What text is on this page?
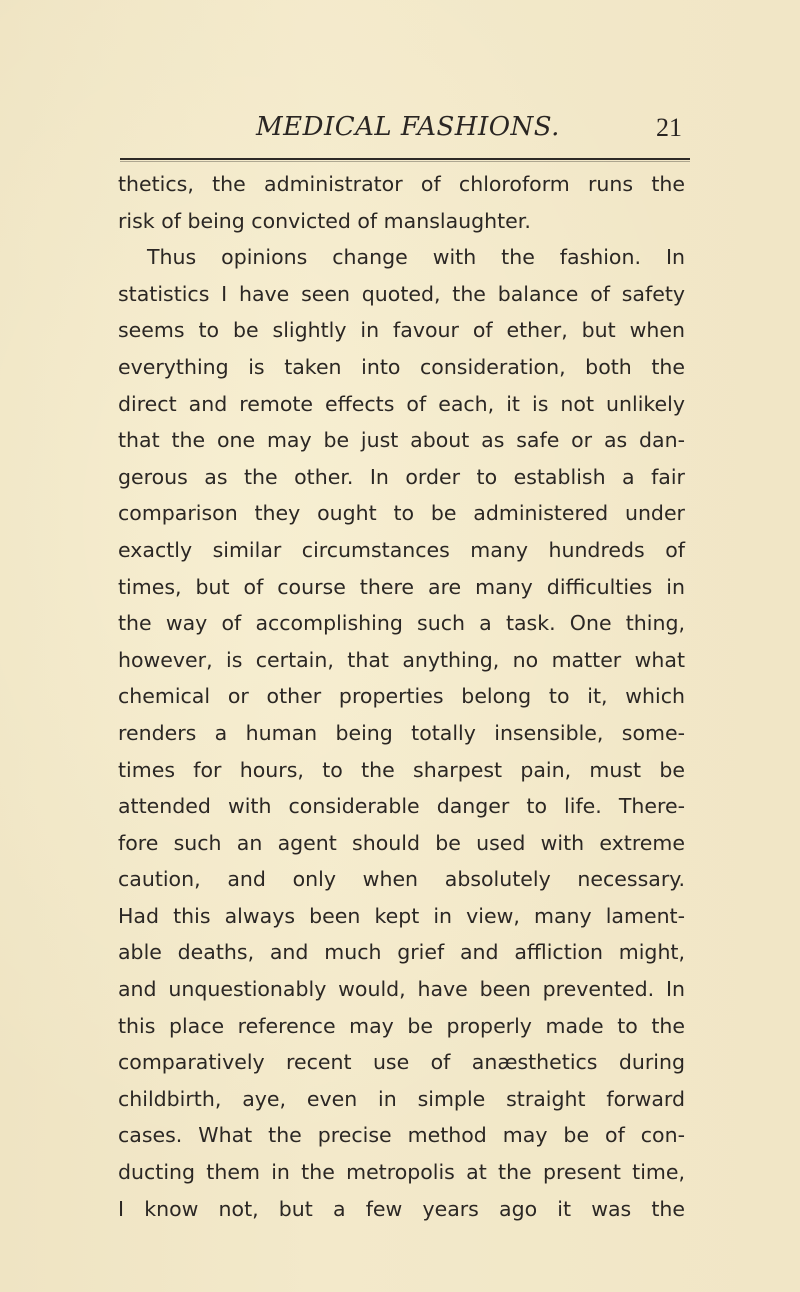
MEDICAL FASHIONS.	21
thetics, the administrator of chloroform runs the
risk of being convicted of manslaughter.
Thus opinions change with the fashion. In
statistics I have seen quoted, the balance of safety
seems to be slightly in favour of ether, but when
everything is taken into consideration, both the
direct and remote effects of each, it is not unlikely
that the one may be just about as safe or as dan-
gerous as the other. In order to establish a fair
comparison they ought to be administered under
exactly similar circumstances many hundreds of
times, but of course there are many difficulties in
the way of accomplishing such a task. One thing,
however, is certain, that anything, no matter what
chemical or other properties belong to it, which
renders a human being totally insensible, some-
times for hours, to the sharpest pain, must be
attended with considerable danger to life. There-
fore such an agent should be used with extreme
caution, and only when absolutely necessary.
Had this always been kept in view, many lament-
able deaths, and much grief and affliction might,
and unquestionably would, have been prevented. In
this place reference may be properly made to the
comparatively recent use of anæsthetics during
childbirth, aye, even in simple straight forward
cases. What the precise method may be of con-
ducting them in the metropolis at the present time,
I know not, but a few years ago it was the
